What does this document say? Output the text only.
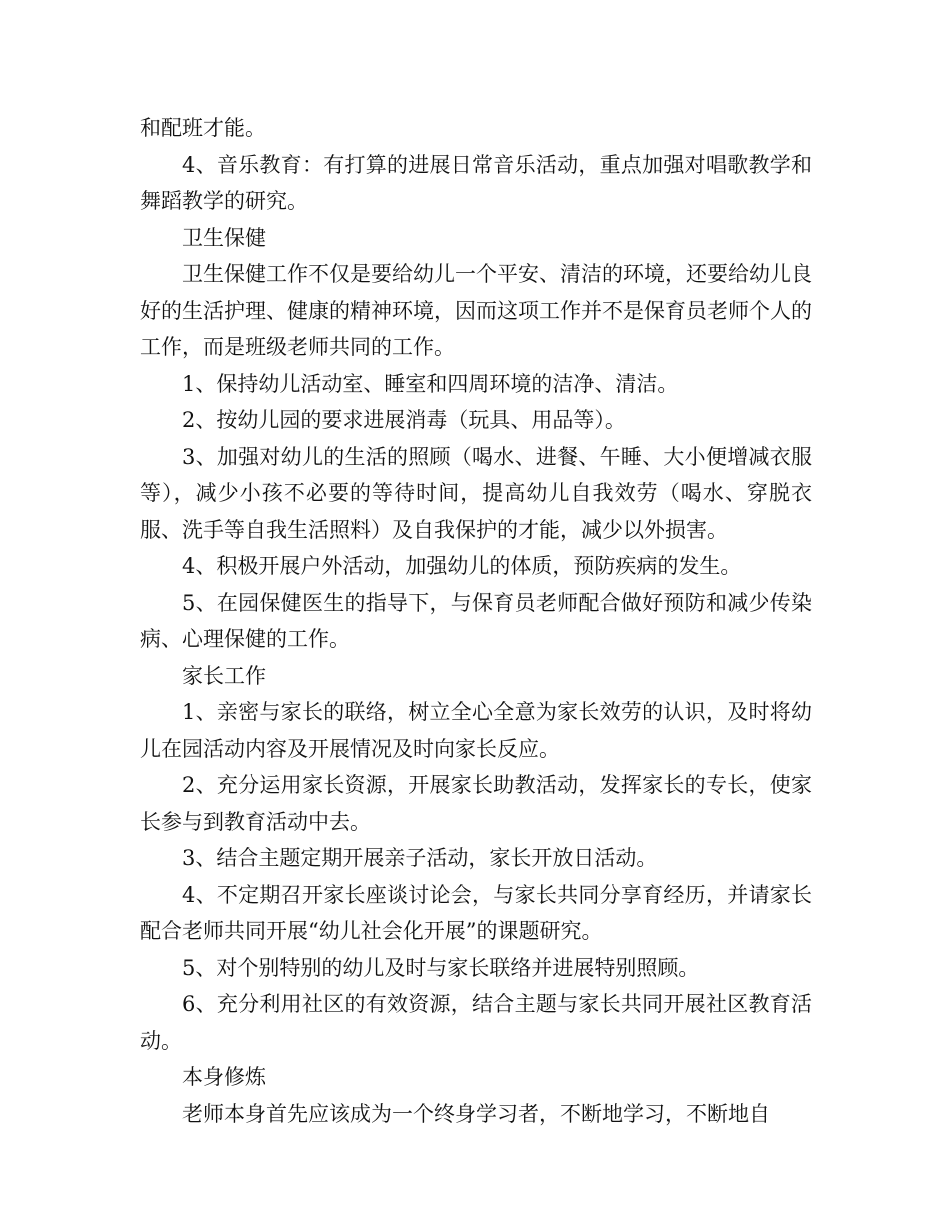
和配班才能。

4、音乐教育：有打算的进展日常音乐活动，重点加强对唱歌教学和舞蹈教学的研究。

卫生保健

卫生保健工作不仅是要给幼儿一个平安、清洁的环境，还要给幼儿良好的生活护理、健康的精神环境，因而这项工作并不是保育员老师个人的工作，而是班级老师共同的工作。

1、保持幼儿活动室、睡室和四周环境的洁净、清洁。

2、按幼儿园的要求进展消毒（玩具、用品等）。

3、加强对幼儿的生活的照顾（喝水、进餐、午睡、大小便增减衣服等），减少小孩不必要的等待时间，提高幼儿自我效劳（喝水、穿脱衣服、洗手等自我生活照料）及自我保护的才能，减少以外损害。

4、积极开展户外活动，加强幼儿的体质，预防疾病的发生。

5、在园保健医生的指导下，与保育员老师配合做好预防和减少传染病、心理保健的工作。

家长工作

1、亲密与家长的联络，树立全心全意为家长效劳的认识，及时将幼儿在园活动内容及开展情况及时向家长反应。

2、充分运用家长资源，开展家长助教活动，发挥家长的专长，使家长参与到教育活动中去。

3、结合主题定期开展亲子活动，家长开放日活动。

4、不定期召开家长座谈讨论会，与家长共同分享育经历，并请家长配合老师共同开展“幼儿社会化开展”的课题研究。

5、对个别特别的幼儿及时与家长联络并进展特别照顾。

6、充分利用社区的有效资源，结合主题与家长共同开展社区教育活动。

本身修炼

老师本身首先应该成为一个终身学习者，不断地学习，不断地自
